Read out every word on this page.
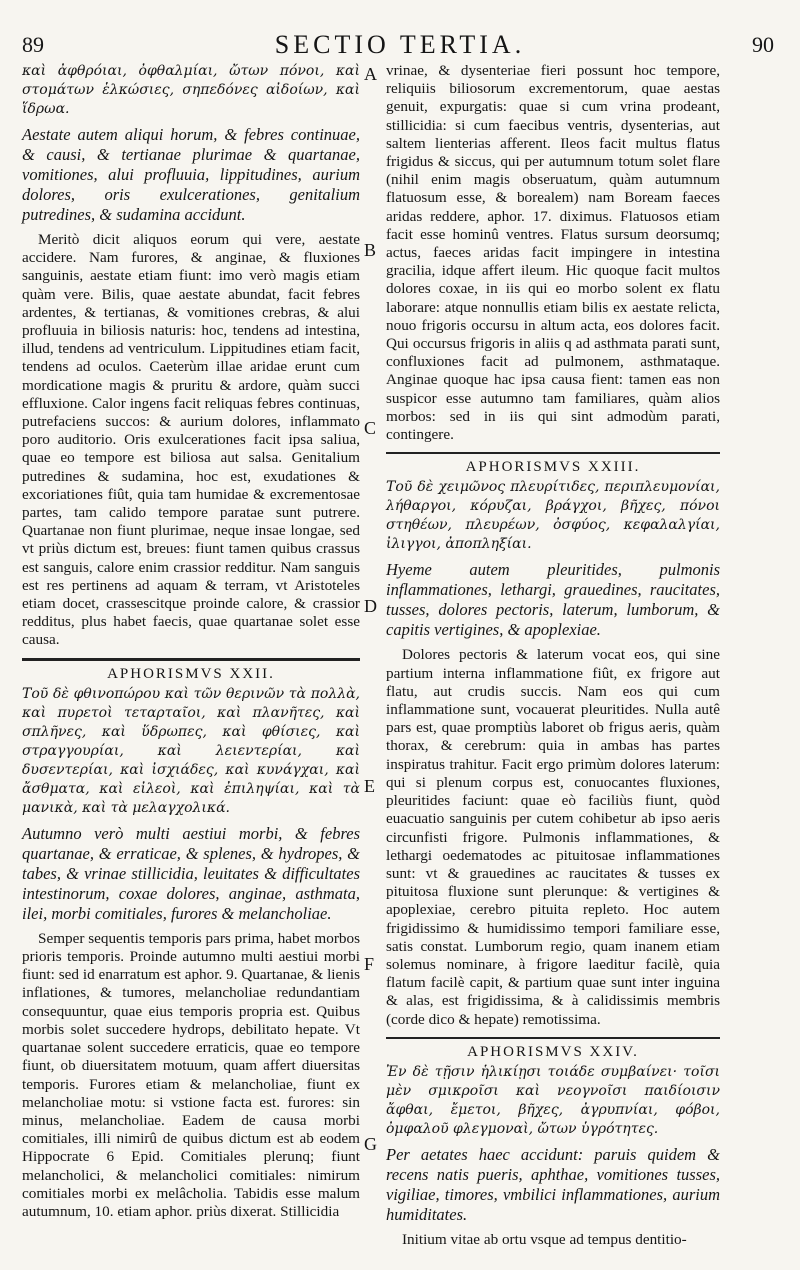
89	SECTIO TERTIA.	90
A
B
C
D
E
F
G

καὶ ἀφθρόιαι, ὀφθαλμίαι, ὤτων πόνοι, καὶ στομάτων ἑλκώσιες, σηπεδόνες αἰδοίων, καὶ ἵδρωα.

Aestate autem aliqui horum, & febres continuae, & causi, & tertianae plurimae & quartanae, vomitiones, alui profluuia, lippitudines, aurium dolores, oris exulcerationes, genitalium putredines, & sudamina accidunt.

Meritò dicit aliquos eorum qui vere, aestate accidere. Nam furores, & anginae, & fluxiones sanguinis, aestate etiam fiunt: imo verò magis etiam quàm vere. Bilis, quae aestate abundat, facit febres ardentes, & tertianas, & vomitiones crebras, & alui profluuia in biliosis naturis: hoc, tendens ad intestina, illud, tendens ad ventriculum. Lippitudines etiam facit, tendens ad oculos. Caeterùm illae aridae erunt cum mordicatione magis & pruritu & ardore, quàm succi effluxione. Calor ingens facit reliquas febres continuas, putrefaciens succos: & aurium dolores, inflammato poro auditorio. Oris exulcerationes facit ipsa saliua, quae eo tempore est biliosa aut salsa. Genitalium putredines & sudamina, hoc est, exudationes & excoriationes fiût, quia tam humidae & excrementosae partes, tam calido tempore paratae sunt putrere. Quartanae non fiunt plurimae, neque insae longae, sed vt priùs dictum est, breues: fiunt tamen quibus crassus est sanguis, calore enim crassior redditur. Nam sanguis est res pertinens ad aquam & terram, vt Aristoteles etiam docet, crassescitque proinde calore, & crassior redditus, plus habet faecis, quae quartanae solet esse causa.

APHORISMVS XXII.

Τοῦ δὲ φθινοπώρου καὶ τῶν θερινῶν τὰ πολλὰ, καὶ πυρετοὶ τεταρταῖοι, καὶ πλανῆτες, καὶ σπλῆνες, καὶ ὕδρωπες, καὶ φθίσιες, καὶ στραγγουρίαι, καὶ λειεντερίαι, καὶ δυσεντερίαι, καὶ ἰσχιάδες, καὶ κυνάγχαι, καὶ ἄσθματα, καὶ εἰλεοὶ, καὶ ἐπιληψίαι, καὶ τὰ μανικὰ, καὶ τὰ μελαγχολικά.

Autumno verò multi aestiui morbi, & febres quartanae, & erraticae, & splenes, & hydropes, & tabes, & vrinae stillicidia, leuitates & difficultates intestinorum, coxae dolores, anginae, asthmata, ilei, morbi comitiales, furores & melancholiae.

Semper sequentis temporis pars prima, habet morbos prioris temporis. Proinde autumno multi aestiui morbi fiunt: sed id enarratum est aphor. 9. Quartanae, & lienis inflationes, & tumores, melancholiae redundantiam consequuntur, quae eius temporis propria est. Quibus morbis solet succedere hydrops, debilitato hepate. Vt quartanae solent succedere erraticis, quae eo tempore fiunt, ob diuersitatem motuum, quam affert diuersitas temporis. Furores etiam & melancholiae, fiunt ex melancholiae motu: si vstione facta est. furores: sin minus, melancholiae. Eadem de causa morbi comitiales, illi nimirû de quibus dictum est ab eodem Hippocrate 6 Epid. Comitiales plerunq; fiunt melancholici, & melancholici comitiales: nimirum comitiales morbi ex melâcholia. Tabidis esse malum autumnum, 10. etiam aphor. priùs dixerat. Stillicidia

vrinae, & dysenteriae fieri possunt hoc tempore, reliquiis biliosorum excrementorum, quae aestas genuit, expurgatis: quae si cum vrina prodeant, stillicidia: si cum faecibus ventris, dysenterias, aut saltem lienterias afferent. Ileos facit multus flatus frigidus & siccus, qui per autumnum totum solet flare (nihil enim magis obseruatum, quàm autumnum flatuosum esse, & borealem) nam Boream faeces aridas reddere, aphor. 17. diximus. Flatuosos etiam facit esse hominû ventres. Flatus sursum deorsumq; actus, faeces aridas facit impingere in intestina gracilia, idque affert ileum. Hic quoque facit multos dolores coxae, in iis qui eo morbo solent ex flatu laborare: atque nonnullis etiam bilis ex aestate relicta, nouo frigoris occursu in altum acta, eos dolores facit. Qui occursus frigoris in aliis q ad asthmata parati sunt, confluxiones facit ad pulmonem, asthmataque. Anginae quoque hac ipsa causa fient: tamen eas non suspicor esse autumno tam familiares, quàm alios morbos: sed in iis qui sint admodùm parati, contingere.

APHORISMVS XXIII.

Τοῦ δὲ χειμῶνος πλευρίτιδες, περιπλευμονίαι, λήθαργοι, κόρυζαι, βράγχοι, βῆχες, πόνοι στηθέων, πλευρέων, ὀσφύος, κεφαλαλγίαι, ἰλιγγοι, ἀποπληξίαι.

Hyeme autem pleuritides, pulmonis inflammationes, lethargi, grauedines, raucitates, tusses, dolores pectoris, laterum, lumborum, & capitis vertigines, & apoplexiae.

Dolores pectoris & laterum vocat eos, qui sine partium interna inflammatione fiût, ex frigore aut flatu, aut crudis succis. Nam eos qui cum inflammatione sunt, vocauerat pleuritides. Nulla autê pars est, quae promptiùs laboret ob frigus aeris, quàm thorax, & cerebrum: quia in ambas has partes inspiratus trahitur. Facit ergo primùm dolores laterum: qui si plenum corpus est, conuocantes fluxiones, pleuritides faciunt: quae eò faciliùs fiunt, quòd euacuatio sanguinis per cutem cohibetur ab ipso aeris circunfisti frigore. Pulmonis inflammationes, & lethargi oedematodes ac pituitosae inflammationes sunt: vt & grauedines ac raucitates & tusses ex pituitosa fluxione sunt plerunque: & vertigines & apoplexiae, cerebro pituita repleto. Hoc autem frigidissimo & humidissimo tempori familiare esse, satis constat. Lumborum regio, quam inanem etiam solemus nominare, à frigore laeditur facilè, quia flatum facilè capit, & partium quae sunt inter inguina & alas, est frigidissima, & à calidissimis membris (corde dico & hepate) remotissima.

APHORISMVS XXIV.

Ἐν δὲ τῇσιν ἡλικίῃσι τοιάδε συμβαίνει· τοῖσι μὲν σμικροῖσι καὶ νεογνοῖσι παιδίοισιν ἄφθαι, ἔμετοι, βῆχες, ἀγρυπνίαι, φόβοι, ὀμφαλοῦ φλεγμοναὶ, ὤτων ὑγρότητες.

Per aetates haec accidunt: paruis quidem & recens natis pueris, aphthae, vomitiones tusses, vigiliae, timores, vmbilici inflammationes, aurium humiditates.

Initium vitae ab ortu vsque ad tempus dentitio-
